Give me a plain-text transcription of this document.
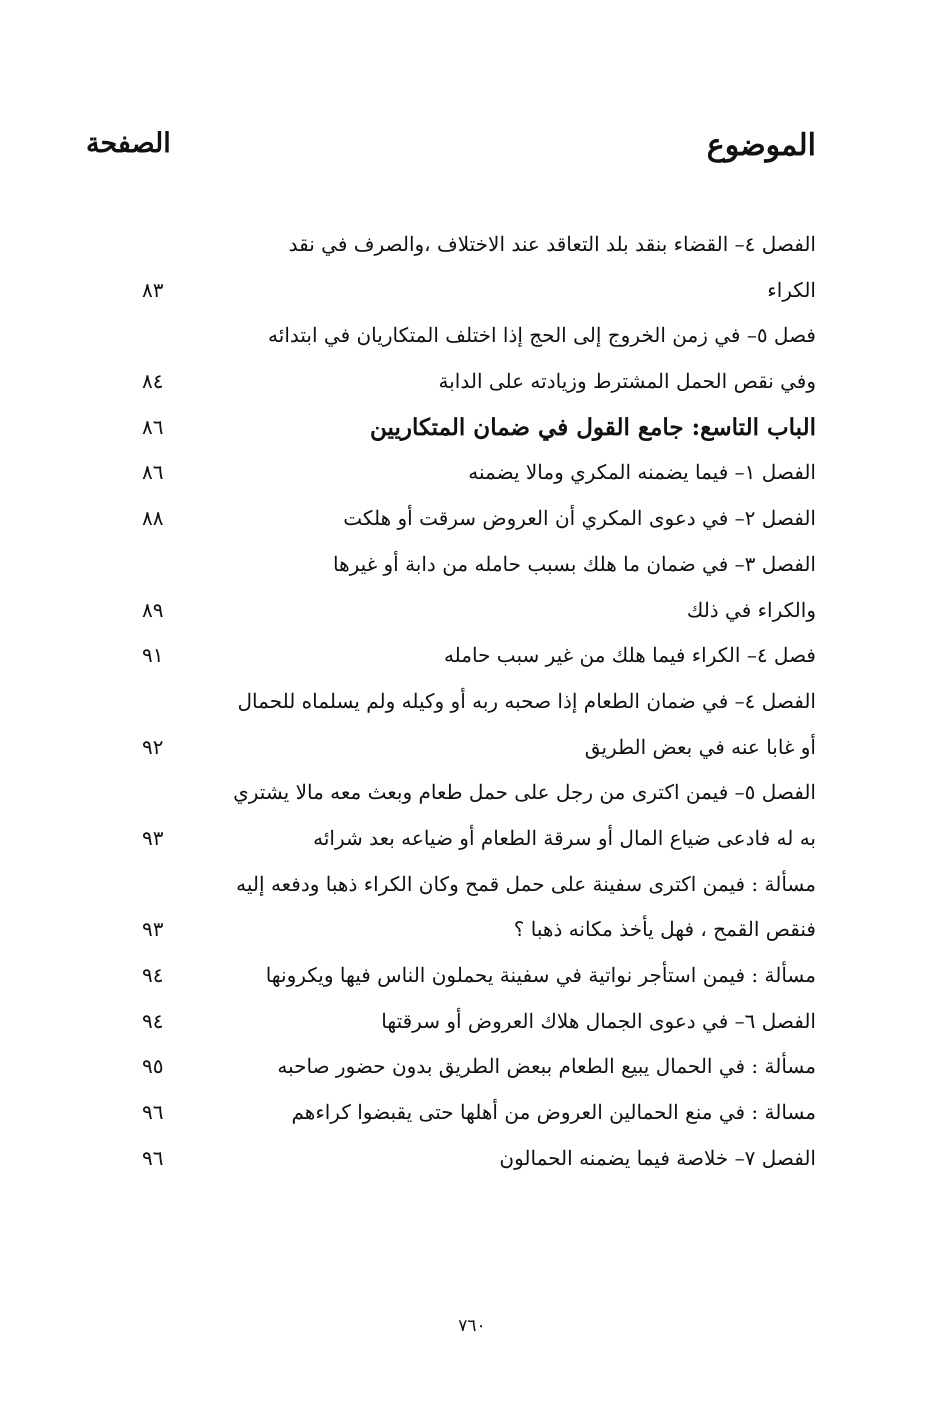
الموضوع
الصفحة
الفصل ٤– القضاء بنقد بلد التعاقد عند الاختلاف ،والصرف في نقد
الكراء
٨٣
فصل ٥– في زمن الخروج إلى الحج إذا اختلف المتكاريان في ابتدائه
وفي نقص الحمل المشترط وزيادته على الدابة
٨٤
الباب التاسع: جامع القول في ضمان المتكاريين
٨٦
الفصل ١– فيما يضمنه المكري ومالا يضمنه
٨٦
الفصل ٢– في دعوى المكري أن العروض سرقت أو هلكت
٨٨
الفصل ٣– في ضمان ما هلك بسبب حامله من دابة أو غيرها
والكراء في ذلك
٨٩
فصل ٤– الكراء فيما هلك من غير سبب حامله
٩١
الفصل ٤– في ضمان الطعام إذا صحبه ربه أو وكيله ولم يسلماه للحمال
أو غابا عنه في بعض الطريق
٩٢
الفصل ٥– فيمن اكترى من رجل على حمل طعام وبعث معه مالا يشتري
به له فادعى ضياع المال أو سرقة الطعام أو ضياعه بعد شرائه
٩٣
مسألة : فيمن اكترى سفينة على حمل قمح وكان الكراء ذهبا ودفعه إليه
فنقص القمح ، فهل يأخذ مكانه ذهبا ؟
٩٣
مسألة : فيمن استأجر نواتية في سفينة يحملون الناس فيها ويكرونها
٩٤
الفصل ٦– في دعوى الجمال هلاك العروض أو سرقتها
٩٤
مسألة : في الحمال يبيع الطعام ببعض الطريق بدون حضور صاحبه
٩٥
مسالة : في منع الحمالين العروض من أهلها حتى يقبضوا كراءهم
٩٦
الفصل ٧– خلاصة فيما يضمنه الحمالون
٩٦
٧٦٠
